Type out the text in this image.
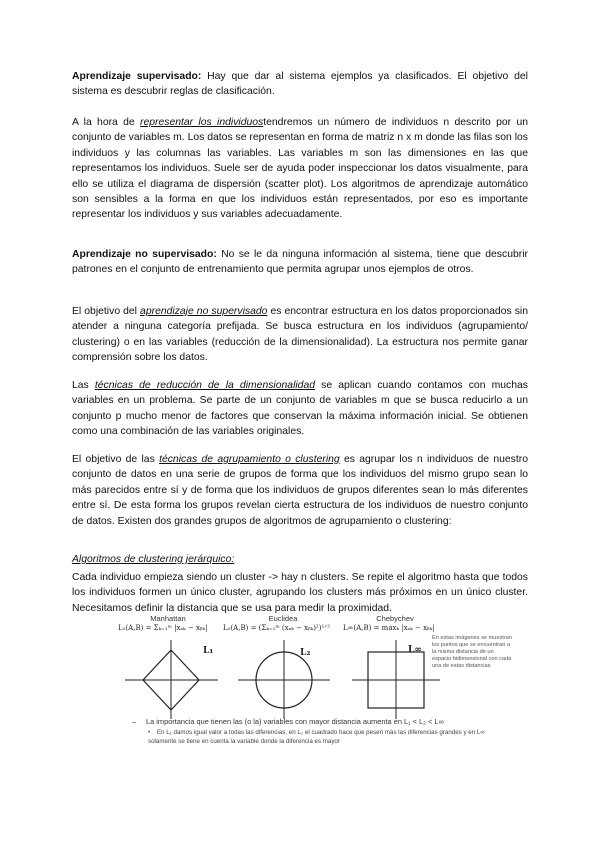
Aprendizaje supervisado: Hay que dar al sistema ejemplos ya clasificados. El objetivo del sistema es descubrir reglas de clasificación.

A la hora de representar los individuostendremos un número de individuos n descrito por un conjunto de variables m. Los datos se representan en forma de matriz n x m donde las filas son los individuos y las columnas las variables. Las variables m son las dimensiones en las que representamos los individuos. Suele ser de ayuda poder inspeccionar los datos visualmente, para ello se utiliza el diagrama de dispersión (scatter plot). Los algoritmos de aprendizaje automático son sensibles a la forma en que los individuos están representados, por eso es importante representar los individuos y sus variables adecuadamente.

Aprendizaje no supervisado: No se le da ninguna información al sistema, tiene que descubrir patrones en el conjunto de entrenamiento que permita agrupar unos ejemplos de otros.

El objetivo del aprendizaje no supervisado es encontrar estructura en los datos proporcionados sin atender a ninguna categoría prefijada. Se busca estructura en los individuos (agrupamiento/ clustering) o en las variables (reducción de la dimensionalidad). La estructura nos permite ganar comprensión sobre los datos.

Las técnicas de reducción de la dimensionalidad se aplican cuando contamos con muchas variables en un problema. Se parte de un conjunto de variables m que se busca reducirlo a un conjunto p mucho menor de factores que conservan la máxima información inicial. Se obtienen como una combinación de las variables originales.

El objetivo de las técnicas de agrupamiento o clustering es agrupar los n individuos de nuestro conjunto de datos en una serie de grupos de forma que los individuos del mismo grupo sean lo más parecidos entre sí y de forma que los individuos de grupos diferentes sean lo más diferentes entre sí. De esta forma los grupos revelan cierta estructura de los individuos de nuestro conjunto de datos. Existen dos grandes grupos de algoritmos de agrupamiento o clustering:

Algoritmos de clustering jerárquico:

Cada individuo empieza siendo un cluster -> hay n clusters. Se repite el algoritmo hasta que todos los individuos formen un único cluster, agrupando los clusters más próximos en un único cluster. Necesitamos definir la distancia que se usa para medir la proximidad.

Manhattan	Euclidea	Chebychev
L₁(A,B) = Σₖ₌₁ᵐ |xₐₖ − xᵦₖ| L₂(A,B) = (Σₖ₌₁ᵐ (xₐₖ − xᵦₖ)²)¹ᐟ² L∞(A,B) = maxₖ |xₐₖ − xᵦₖ|
L₁	L₂	L∞
En estas imágenes se muestran los puntos que se encuentran a la misma distancia de un espacio bidimensional con cada una de estas distancias
– La importancia que tienen las (o la) variables con mayor distancia aumenta en L₁ < L₂ < L∞
• En L₁ damos igual valor a todas las diferencias, en L₂ el cuadrado hace que pesen más las diferencias grandes y en L∞ solamente se tiene en cuenta la variable donde la diferencia es mayor
